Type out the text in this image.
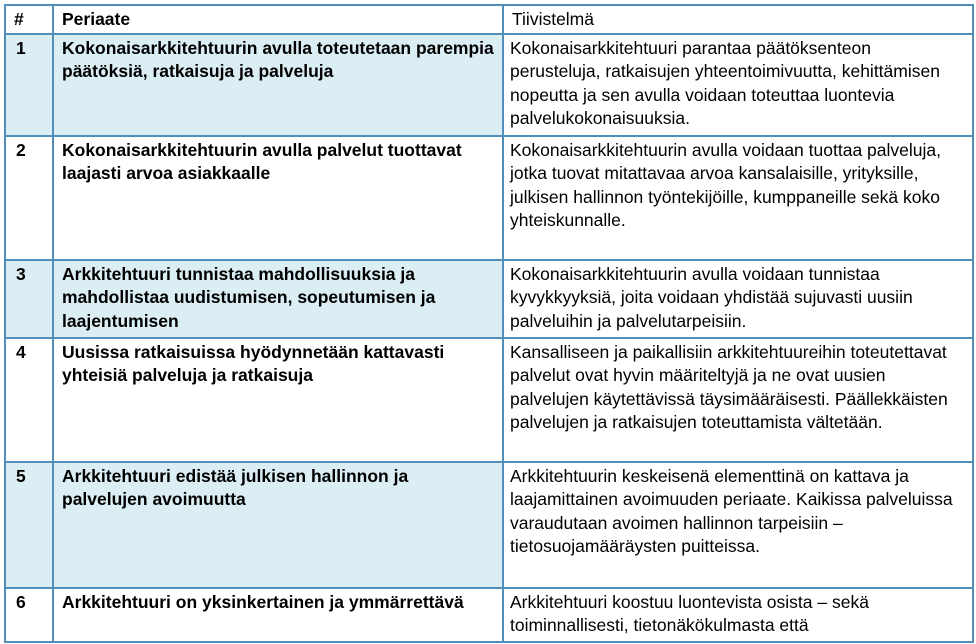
#	Periaate	Tiivistelmä
1	Kokonaisarkkitehtuurin avulla toteutetaan parempia päätöksiä, ratkaisuja ja palveluja	Kokonaisarkkitehtuuri parantaa päätöksenteon perusteluja, ratkaisujen yhteentoimivuutta, kehittämisen nopeutta ja sen avulla voidaan toteuttaa luontevia palvelukokonaisuuksia.
2	Kokonaisarkkitehtuurin avulla palvelut tuottavat laajasti arvoa asiakkaalle	Kokonaisarkkitehtuurin avulla voidaan tuottaa palveluja, jotka tuovat mitattavaa arvoa kansalaisille, yrityksille, julkisen hallinnon työntekijöille, kumppaneille sekä koko yhteiskunnalle.
3	Arkkitehtuuri tunnistaa mahdollisuuksia ja mahdollistaa uudistumisen, sopeutumisen ja laajentumisen	Kokonaisarkkitehtuurin avulla voidaan tunnistaa kyvykkyyksiä, joita voidaan yhdistää sujuvasti uusiin palveluihin ja palvelutarpeisiin.
4	Uusissa ratkaisuissa hyödynnetään kattavasti yhteisiä palveluja ja ratkaisuja	Kansalliseen ja paikallisiin arkkitehtuureihin toteutettavat palvelut ovat hyvin määriteltyjä ja ne ovat uusien palvelujen käytettävissä täysimääräisesti. Päällekkäisten palvelujen ja ratkaisujen toteuttamista vältetään.
5	Arkkitehtuuri edistää julkisen hallinnon ja palvelujen avoimuutta	Arkkitehtuurin keskeisenä elementtinä on kattava ja laajamittainen avoimuuden periaate. Kaikissa palveluissa varaudutaan avoimen hallinnon tarpeisiin – tietosuojamääräysten puitteissa.
6	Arkkitehtuuri on yksinkertainen ja ymmärrettävä	Arkkitehtuuri koostuu luontevista osista – sekä toiminnallisesti, tietonäkökulmasta että
